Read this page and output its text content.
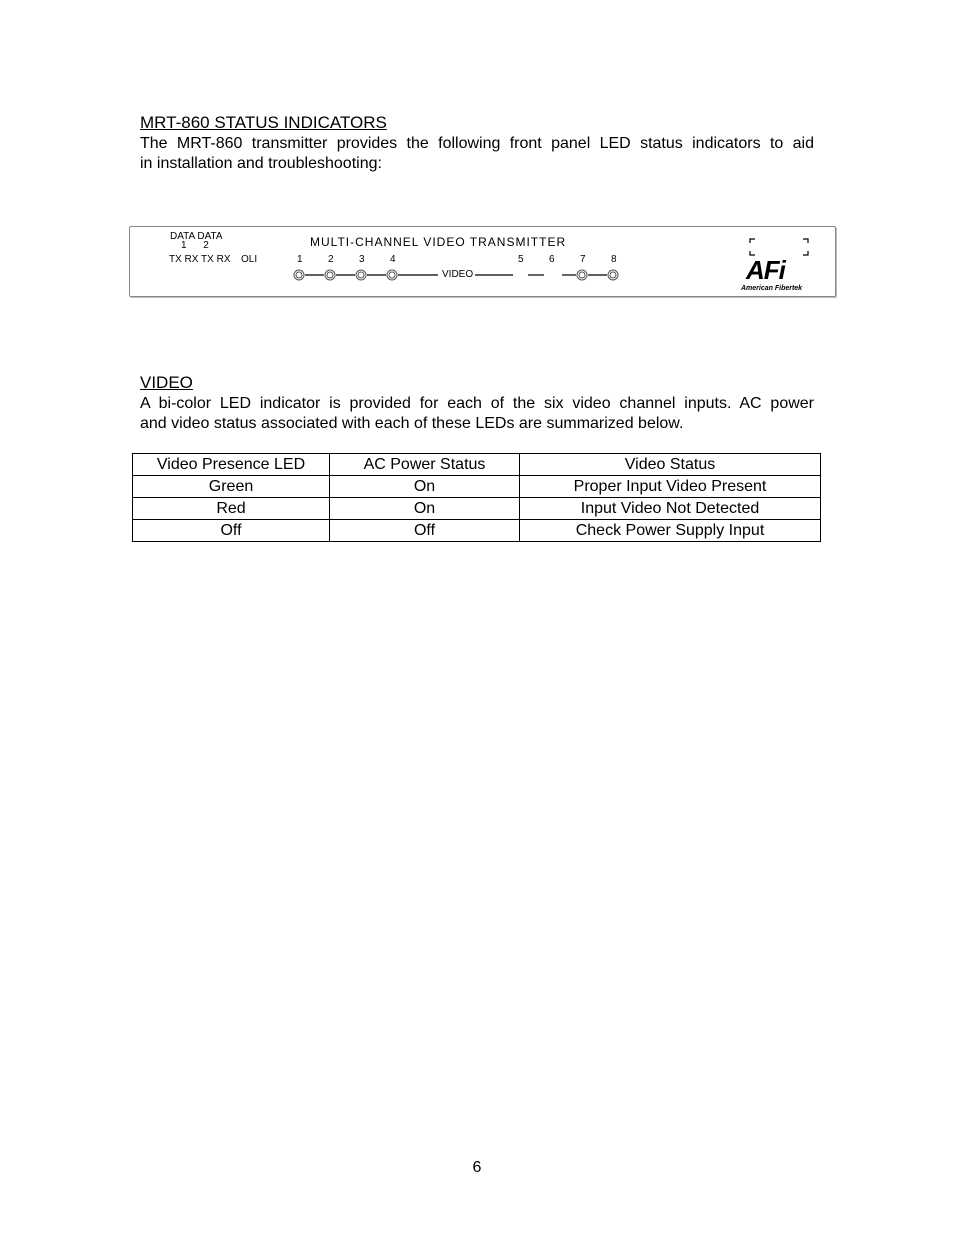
MRT-860 STATUS INDICATORS

The MRT-860 transmitter provides the following front panel LED status indicators to aid
in installation and troubleshooting:

DATA DATA
1      2
TX RX TX RX OLI
MULTI-CHANNEL VIDEO TRANSMITTER
1	2	3	4	5	6	7	8
VIDEO	AFi
American Fibertek
VIDEO

A bi-color LED indicator is provided for each of the six video channel inputs. AC power
and video status associated with each of these LEDs are summarized below.

Video Presence LED	AC Power Status	Video Status
Green	On	Proper Input Video Present
Red	On	Input Video Not Detected
Off	Off	Check Power Supply Input
6
